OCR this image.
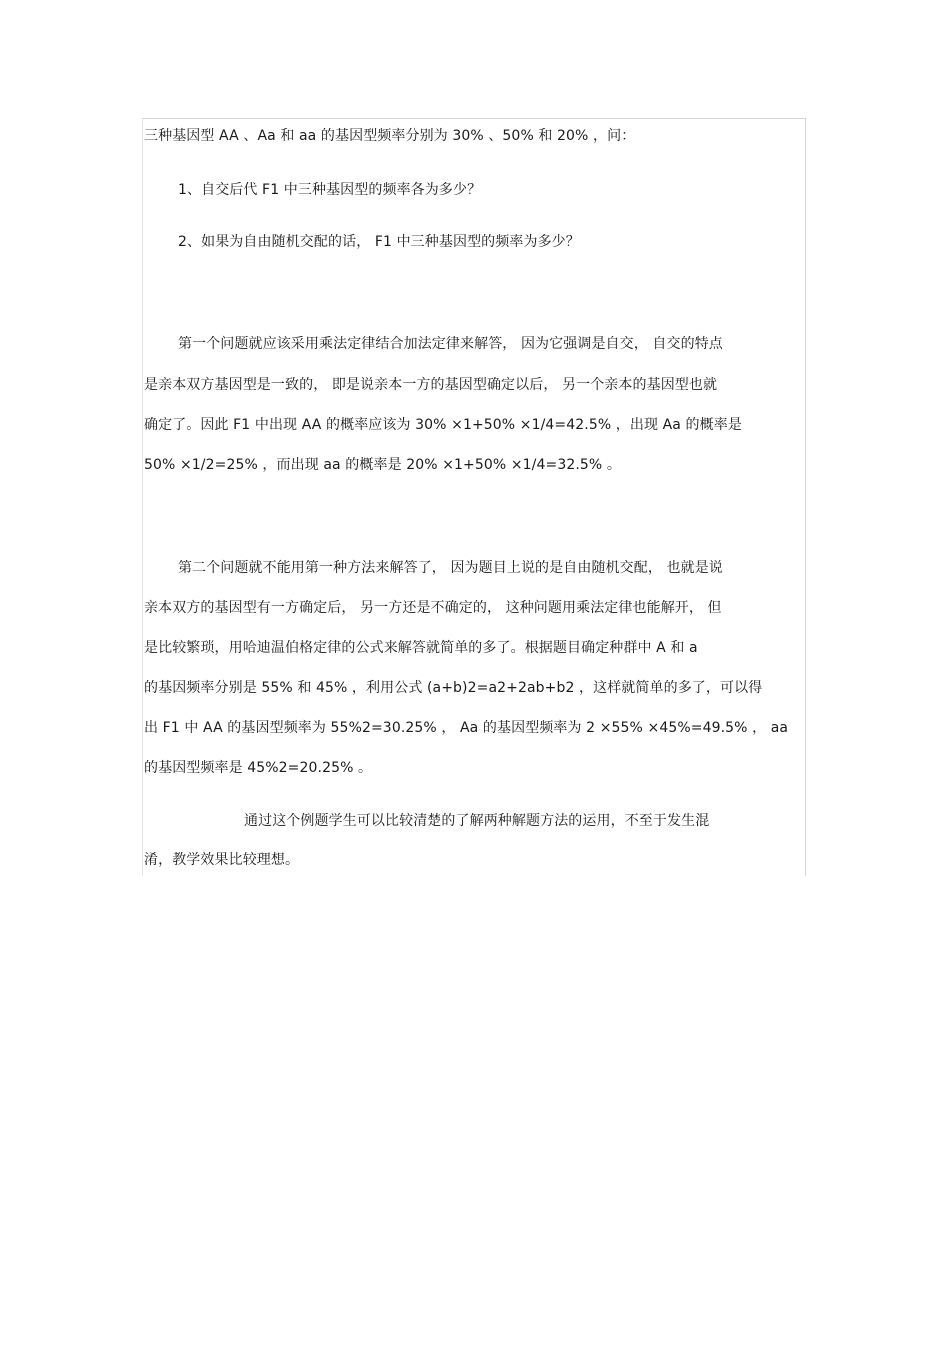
三种基因型 AA 、Aa 和 aa 的基因型频率分别为 30% 、50% 和 20% ，问：
1、自交后代 F1 中三种基因型的频率各为多少？
2、如果为自由随机交配的话， F1 中三种基因型的频率为多少？
第一个问题就应该采用乘法定律结合加法定律来解答， 因为它强调是自交， 自交的特点
是亲本双方基因型是一致的， 即是说亲本一方的基因型确定以后， 另一个亲本的基因型也就
确定了。因此 F1 中出现 AA 的概率应该为 30% ×1+50% ×1/4=42.5% ，出现 Aa 的概率是
50% ×1/2=25% ，而出现 aa 的概率是 20% ×1+50% ×1/4=32.5% 。
第二个问题就不能用第一种方法来解答了， 因为题目上说的是自由随机交配， 也就是说
亲本双方的基因型有一方确定后， 另一方还是不确定的， 这种问题用乘法定律也能解开， 但
是比较繁琐，用哈迪温伯格定律的公式来解答就简单的多了。根据题目确定种群中 A 和 a
的基因频率分别是 55% 和 45% ，利用公式 (a+b)2=a2+2ab+b2 ，这样就简单的多了，可以得
出 F1 中 AA 的基因型频率为 55%2=30.25% ， Aa 的基因型频率为 2 ×55% ×45%=49.5% ， aa
的基因型频率是 45%2=20.25% 。
通过这个例题学生可以比较清楚的了解两种解题方法的运用，不至于发生混
淆，教学效果比较理想。
